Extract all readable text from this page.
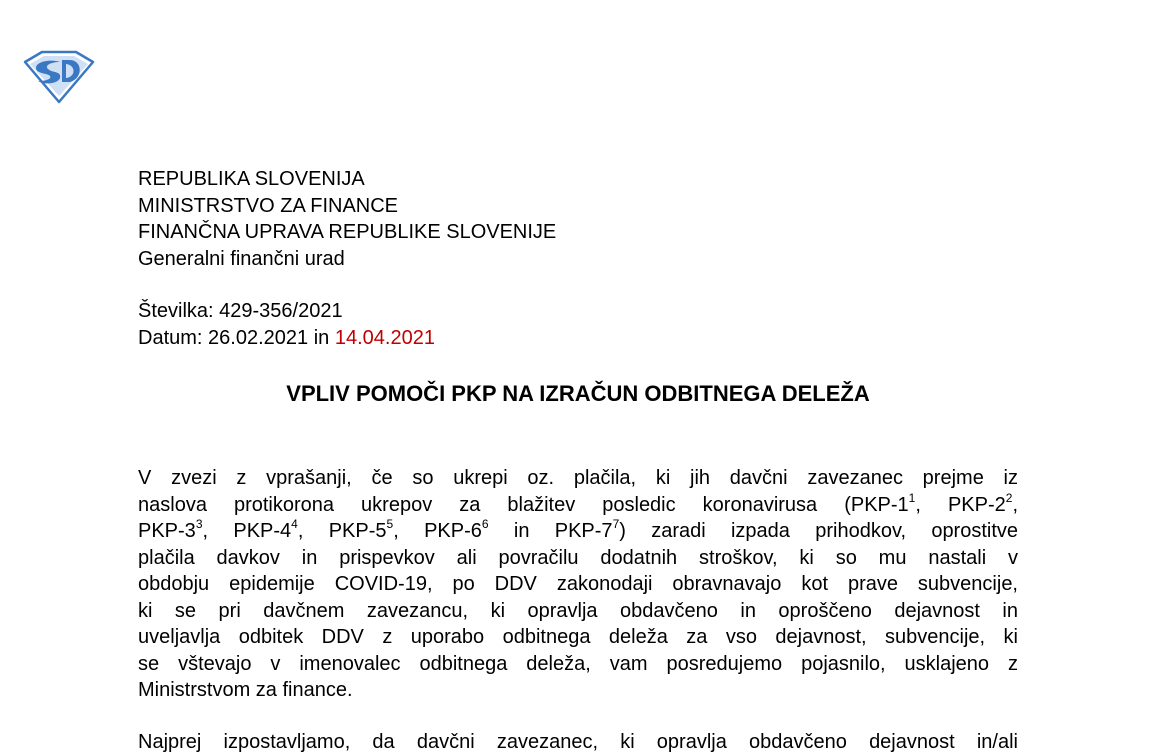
REPUBLIKA SLOVENIJA
MINISTRSTVO ZA FINANCE
FINANČNA UPRAVA REPUBLIKE SLOVENIJE
Generalni finančni urad
Številka: 429-356/2021
Datum: 26.02.2021 in 14.04.2021
VPLIV POMOČI PKP NA IZRAČUN ODBITNEGA DELEŽA
V zvezi z vprašanji, če so ukrepi oz. plačila, ki jih davčni zavezanec prejme iz
naslova protikorona ukrepov za blažitev posledic koronavirusa ($PKP-1^1$, PKP-$2^2$,
PKP-$3^3$, PKP-$4^4$, PKP-$5^5$, PKP-$6^6$ in PKP-$7^7$) zaradi izpada prihodkov, oprostitve
plačila davkov in prispevkov ali povračilu dodatnih stroškov, ki so mu nastali v
obdobju epidemije COVID-19, po DDV zakonodaji obravnavajo kot prave subvencije,
ki se pri davčnem zavezancu, ki opravlja obdavčeno in oproščeno dejavnost in
uveljavlja odbitek DDV z uporabo odbitnega deleža za vso dejavnost, subvencije, ki
se vštevajo v imenovalec odbitnega deleža, vam posredujemo pojasnilo, usklajeno z
Ministrstvom za finance.
Najprej izpostavljamo, da davčni zavezanec, ki opravlja obdavčeno dejavnost in/ali
